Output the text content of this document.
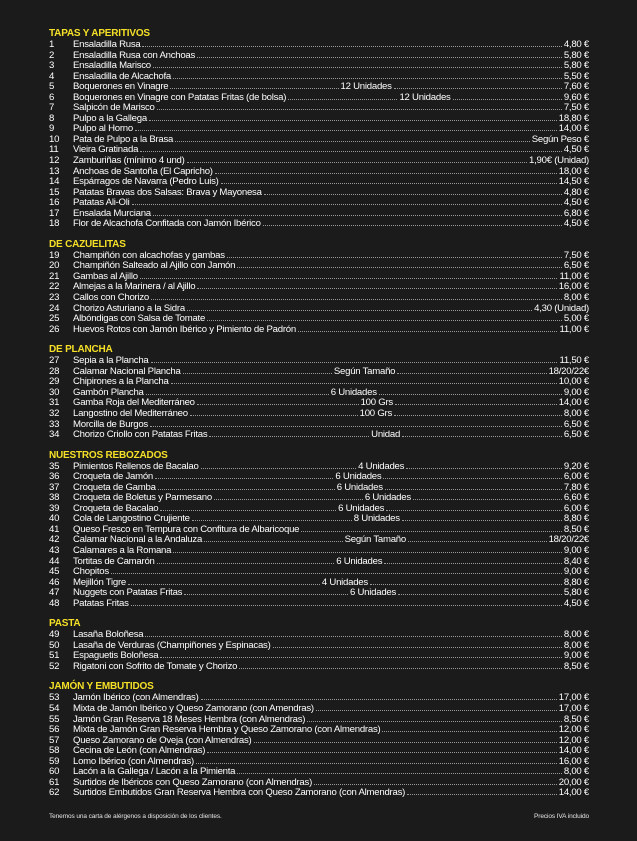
TAPAS Y APERITIVOS
1	Ensaladilla Rusa	4,80 €
2	Ensaladilla Rusa con Anchoas	5,80 €
3	Ensaladilla Marisco	5,80 €
4	Ensaladilla de Alcachofa	5,50 €
5	Boquerones en Vinagre	12 Unidades	7,60 €
6	Boquerones en Vinagre con Patatas Fritas (de bolsa)	12 Unidades	9,60 €
7	Salpicón de Marisco	7,50 €
8	Pulpo a la Gallega	18,80 €
9	Pulpo al Horno	14,00 €
10	Pata de Pulpo a la Brasa	Según Peso €
11	Vieira Gratinada	4,50 €
12	Zamburiñas (mínimo 4 und)	1,90€ (Unidad)
13	Anchoas de Santoña (El Capricho)	18,00 €
14	Espárragos de Navarra (Pedro Luis)	14,50 €
15	Patatas Bravas dos Salsas: Brava y Mayonesa	4,80 €
16	Patatas Ali-Oli	4,50 €
17	Ensalada Murciana	6,80 €
18	Flor de Alcachofa Confitada con Jamón Ibérico	4,50 €
DE CAZUELITAS
19	Champiñón con alcachofas y gambas	7,50 €
20	Champiñón Salteado al Ajillo con Jamón	6,50 €
21	Gambas al Ajillo	11,00 €
22	Almejas a la Marinera / al Ajillo	16,00 €
23	Callos con Chorizo	8,00 €
24	Chorizo Asturiano a la Sidra	4,30 (Unidad)
25	Albóndigas con Salsa de Tomate	5,00 €
26	Huevos Rotos con Jamón Ibérico y Pimiento de Padrón	11,00 €
DE PLANCHA
27	Sepia a la Plancha	11,50 €
28	Calamar Nacional Plancha	Según Tamaño	18/20/22€
29	Chipirones a la Plancha	10,00 €
30	Gambón Plancha	6 Unidades	9,00 €
31	Gamba Roja del Mediterráneo	100 Grs	14,00 €
32	Langostino del Mediterráneo	100 Grs	8,00 €
33	Morcilla de Burgos	6,50 €
34	Chorizo Criollo con Patatas Fritas	Unidad	6,50 €
NUESTROS REBOZADOS
35	Pimientos Rellenos de Bacalao	4 Unidades	9,20 €
36	Croqueta de Jamón	6 Unidades	6,00 €
37	Croqueta de Gamba	6 Unidades	7,80 €
38	Croqueta de Boletus y Parmesano	6 Unidades	6,60 €
39	Croqueta de Bacalao	6 Unidades	6,00 €
40	Cola de Langostino Crujiente	8 Unidades	8,80 €
41	Queso Fresco en Tempura con Confitura de Albaricoque	8,50 €
42	Calamar Nacional a la Andaluza	Según Tamaño	18/20/22€
43	Calamares a la Romana	9,00 €
44	Tortitas de Camarón	6 Unidades	8,40 €
45	Chopitos	9,00 €
46	Mejillón Tigre	4 Unidades	8,80 €
47	Nuggets con Patatas Fritas	6 Unidades	5,80 €
48	Patatas Fritas	4,50 €
PASTA
49	Lasaña Boloñesa	8,00 €
50	Lasaña de Verduras (Champiñones y Espinacas)	8,00 €
51	Espaguetis Boloñesa	9,00 €
52	Rigatoni con Sofrito de Tomate y Chorizo	8,50 €
JAMÓN Y EMBUTIDOS
53	Jamón Ibérico (con Almendras)	17,00 €
54	Mixta de Jamón Ibérico y Queso Zamorano (con Amendras)	17,00 €
55	Jamón Gran Reserva 18 Meses Hembra (con Almendras)	8,50 €
56	Mixta de Jamón Gran Reserva Hembra y Queso Zamorano (con Almendras)	12,00 €
57	Queso Zamorano de Oveja (con Almendras)	12,00 €
58	Cecina de León (con Almendras)	14,00 €
59	Lomo Ibérico (con Almendras)	16,00 €
60	Lacón a la Gallega / Lacón a la Pimienta	8,00 €
61	Surtidos de Ibéricos con Queso Zamorano (con Almendras)	20,00 €
62	Surtidos Embutidos Gran Reserva Hembra con Queso Zamorano (con Almendras)	14,00 €
Tenemos una carta de alérgenos a disposición de los clientes.	Precios IVA incluido
